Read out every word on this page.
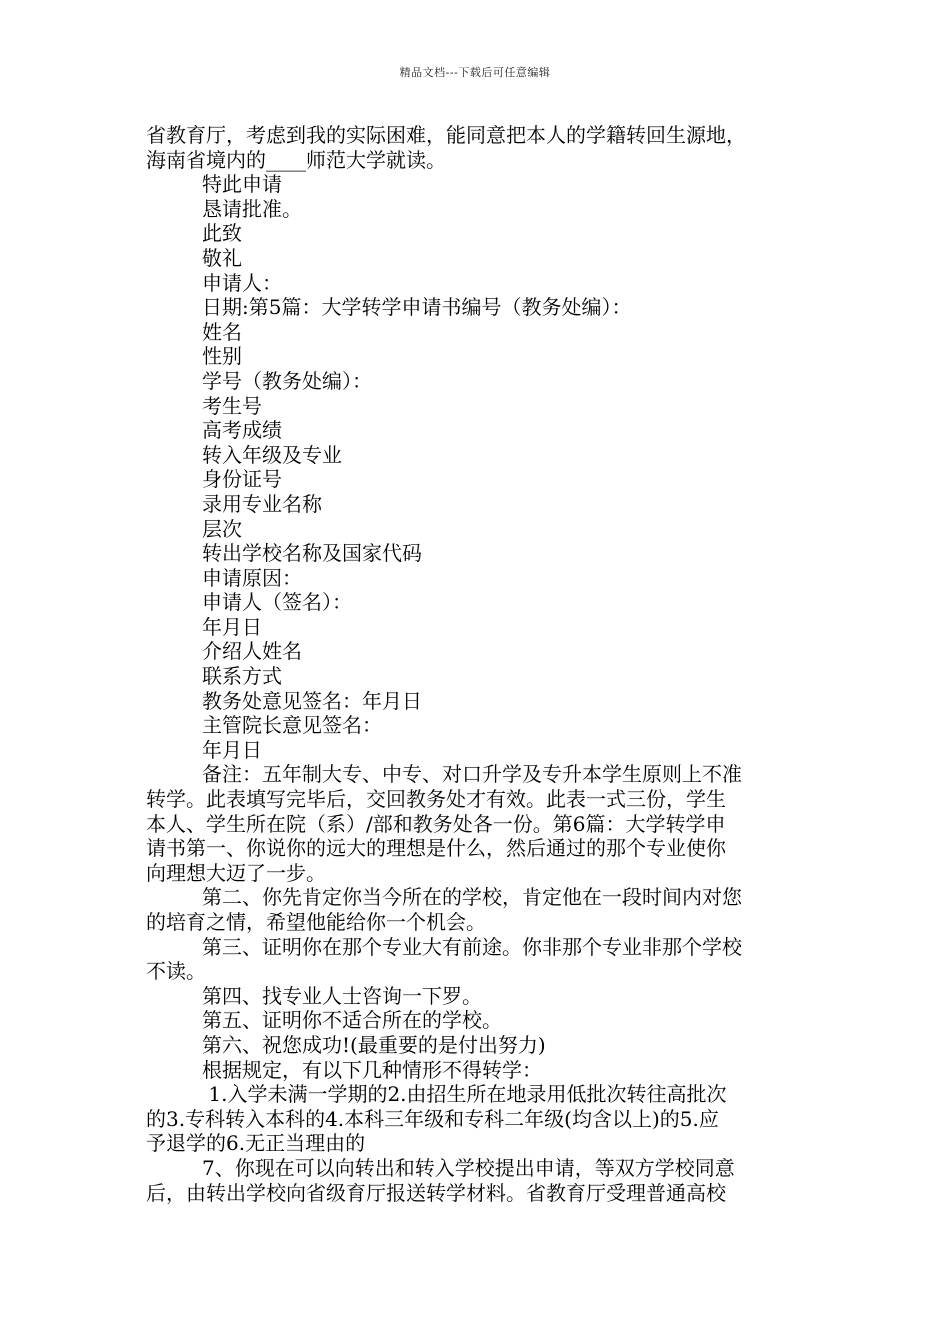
精品文档---下载后可任意编辑
省教育厅，考虑到我的实际困难，能同意把本人的学籍转回生源地，
海南省境内的____师范大学就读。
特此申请
恳请批准。
此致
敬礼
申请人：
日期:第5篇：大学转学申请书编号（教务处编）：
姓名
性别
学号（教务处编）：
考生号
高考成绩
转入年级及专业
身份证号
录用专业名称
层次
转出学校名称及国家代码
申请原因：
申请人（签名）：
年月日
介绍人姓名
联系方式
教务处意见签名：年月日
主管院长意见签名：
年月日
备注：五年制大专、中专、对口升学及专升本学生原则上不准
转学。此表填写完毕后，交回教务处才有效。此表一式三份，学生
本人、学生所在院（系）/部和教务处各一份。第6篇：大学转学申
请书第一、你说你的远大的理想是什么，然后通过的那个专业使你
向理想大迈了一步。
第二、你先肯定你当今所在的学校，肯定他在一段时间内对您
的培育之情，希望他能给你一个机会。
第三、证明你在那个专业大有前途。你非那个专业非那个学校
不读。
第四、找专业人士咨询一下罗。
第五、证明你不适合所在的学校。
第六、祝您成功!(最重要的是付出努力)
根据规定，有以下几种情形不得转学：
1.入学未满一学期的2.由招生所在地录用低批次转往高批次
的3.专科转入本科的4.本科三年级和专科二年级(均含以上)的5.应
予退学的6.无正当理由的
7、你现在可以向转出和转入学校提出申请，等双方学校同意
后，由转出学校向省级育厅报送转学材料。省教育厅受理普通高校
